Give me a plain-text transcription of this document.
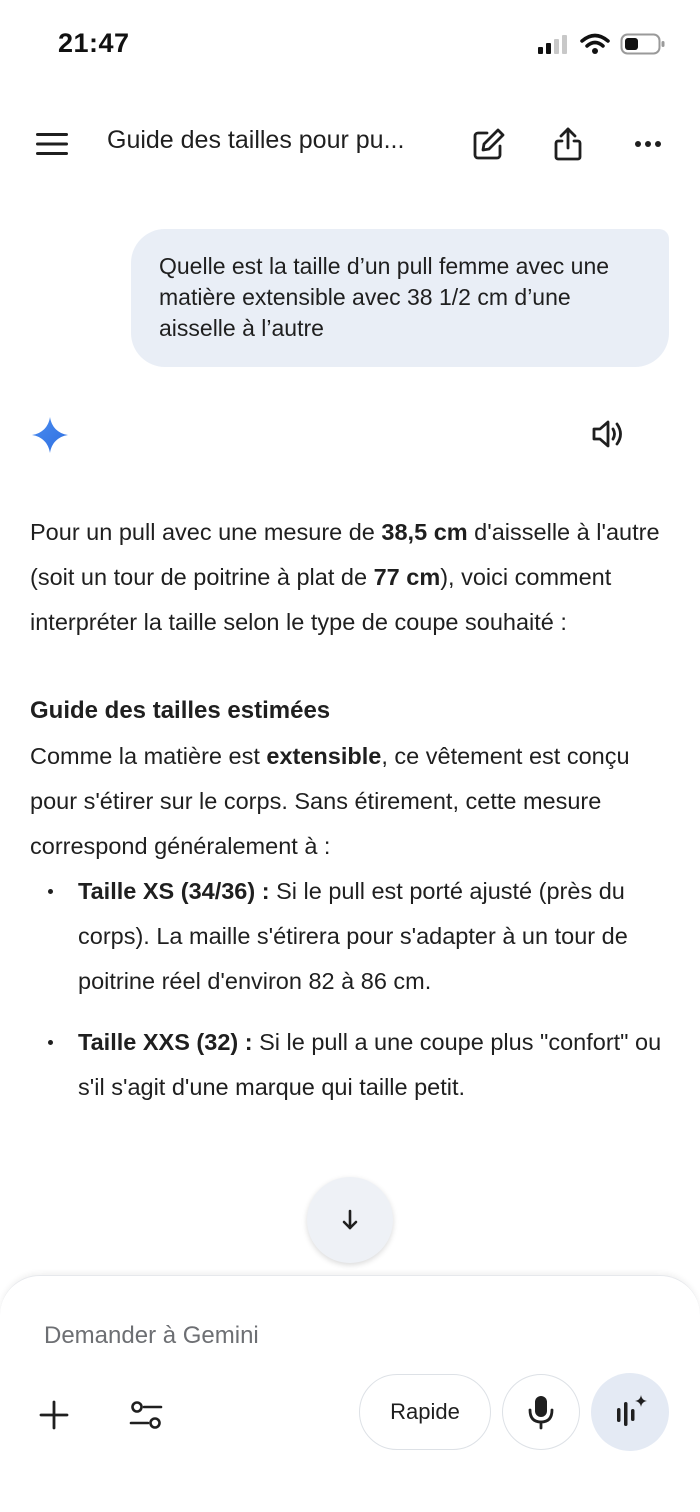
21:47
Guide des tailles pour pu...
Quelle est la taille d’un pull femme avec une matière extensible avec 38 1/2 cm d’une aisselle à l’autre

Pour un pull avec une mesure de 38,5 cm d'aisselle à l'autre (soit un tour de poitrine à plat de 77 cm), voici comment interpréter la taille selon le type de coupe souhaité :

Guide des tailles estimées

Comme la matière est extensible, ce vêtement est conçu pour s'étirer sur le corps. Sans étirement, cette mesure correspond généralement à :

Taille XS (34/36) : Si le pull est porté ajusté (près du corps). La maille s'étirera pour s'adapter à un tour de poitrine réel d'environ 82 à 86 cm.
Taille XXS (32) : Si le pull a une coupe plus "confort" ou s'il s'agit d'une marque qui taille petit.
Demander à Gemini
Rapide
